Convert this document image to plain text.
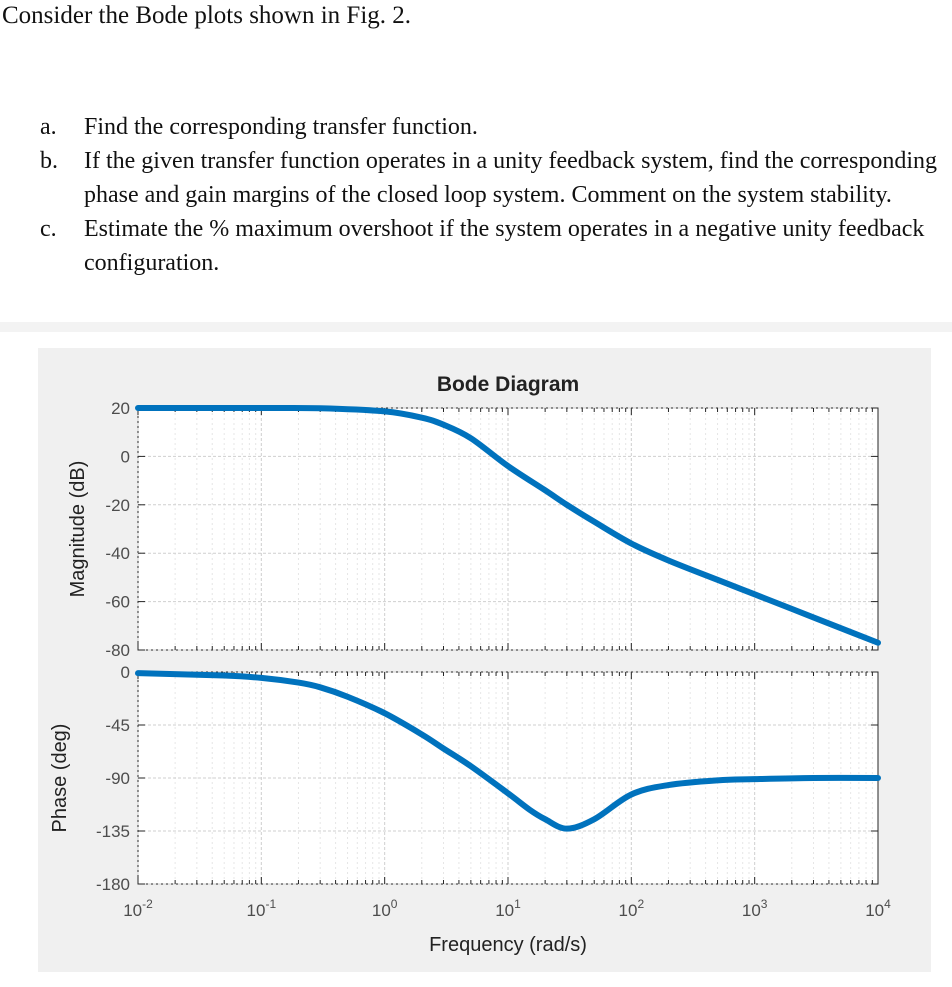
Consider the Bode plots shown in Fig. 2.
a. Find the corresponding transfer function.
b. If the given transfer function operates in a unity feedback system, find the corresponding phase and gain margins of the closed loop system. Comment on the system stability.
c. Estimate the % maximum overshoot if the system operates in a negative unity feedback configuration.
20
0
-20
-40
-60
-80
0
-45
-90
-135
-180
$10^{-2}$	$10^{-1}$	$10^0$	$10^1$	$10^2$	$10^3$	$10^4$
Bode Diagram
Frequency (rad/s)
Magnitude (dB)
Phase (deg)
